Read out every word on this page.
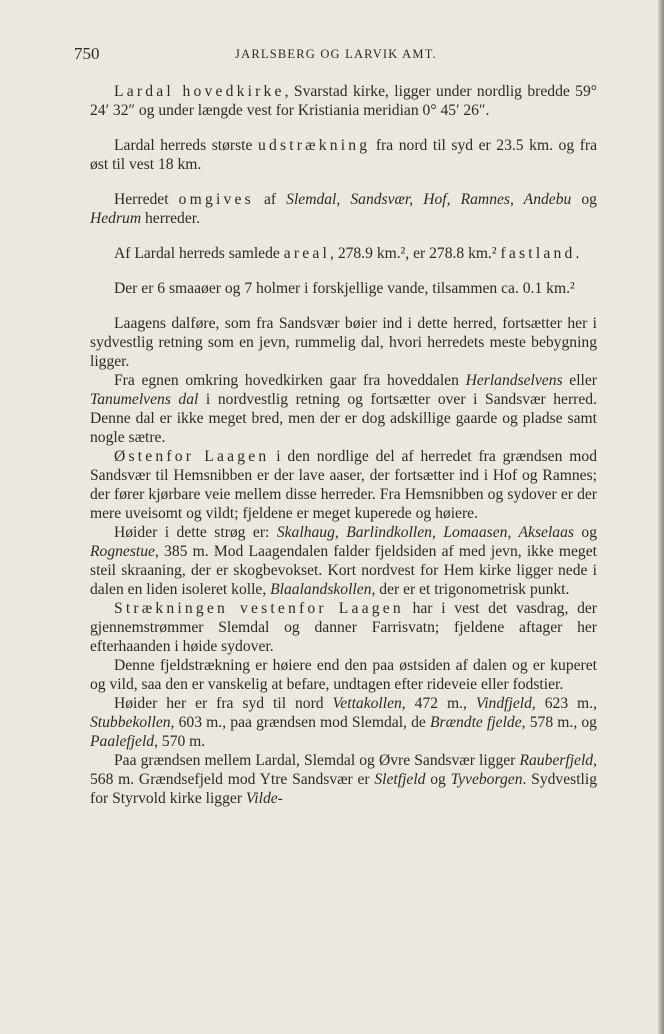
750	JARLSBERG OG LARVIK AMT.

Lardal hovedkirke, Svarstad kirke, ligger under nordlig bredde 59° 24′ 32″ og under længde vest for Kristiania meridian 0° 45′ 26″.

Lardal herreds største udstrækning fra nord til syd er 23.5 km. og fra øst til vest 18 km.

Herredet omgives af Slemdal, Sandsvær, Hof, Ramnes, Andebu og Hedrum herreder.

Af Lardal herreds samlede areal, 278.9 km.², er 278.8 km.² fastland.

Der er 6 smaaøer og 7 holmer i forskjellige vande, tilsammen ca. 0.1 km.²

Laagens dalføre, som fra Sandsvær bøier ind i dette herred, fortsætter her i sydvestlig retning som en jevn, rummelig dal, hvori herredets meste bebygning ligger.

Fra egnen omkring hovedkirken gaar fra hoveddalen Herlandselvens eller Tanumelvens dal i nordvestlig retning og fortsætter over i Sandsvær herred. Denne dal er ikke meget bred, men der er dog adskillige gaarde og pladse samt nogle sætre.

Østenfor Laagen i den nordlige del af herredet fra grændsen mod Sandsvær til Hemsnibben er der lave aaser, der fortsætter ind i Hof og Ramnes; der fører kjørbare veie mellem disse herreder. Fra Hemsnibben og sydover er der mere uveisomt og vildt; fjeldene er meget kuperede og høiere.

Høider i dette strøg er: Skalhaug, Barlindkollen, Lomaasen, Akselaas og Rognestue, 385 m. Mod Laagendalen falder fjeldsiden af med jevn, ikke meget steil skraaning, der er skogbevokset. Kort nordvest for Hem kirke ligger nede i dalen en liden isoleret kolle, Blaalandskollen, der er et trigonometrisk punkt.

Strækningen vestenfor Laagen har i vest det vasdrag, der gjennemstrømmer Slemdal og danner Farrisvatn; fjeldene aftager her efterhaanden i høide sydover.

Denne fjeldstrækning er høiere end den paa østsiden af dalen og er kuperet og vild, saa den er vanskelig at befare, undtagen efter rideveie eller fodstier.

Høider her er fra syd til nord Vettakollen, 472 m., Vindfjeld, 623 m., Stubbekollen, 603 m., paa grændsen mod Slemdal, de Brændte fjelde, 578 m., og Paalefjeld, 570 m.

Paa grændsen mellem Lardal, Slemdal og Øvre Sandsvær ligger Rauberfjeld, 568 m. Grændsefjeld mod Ytre Sandsvær er Sletfjeld og Tyveborgen. Sydvestlig for Styrvold kirke ligger Vilde-
